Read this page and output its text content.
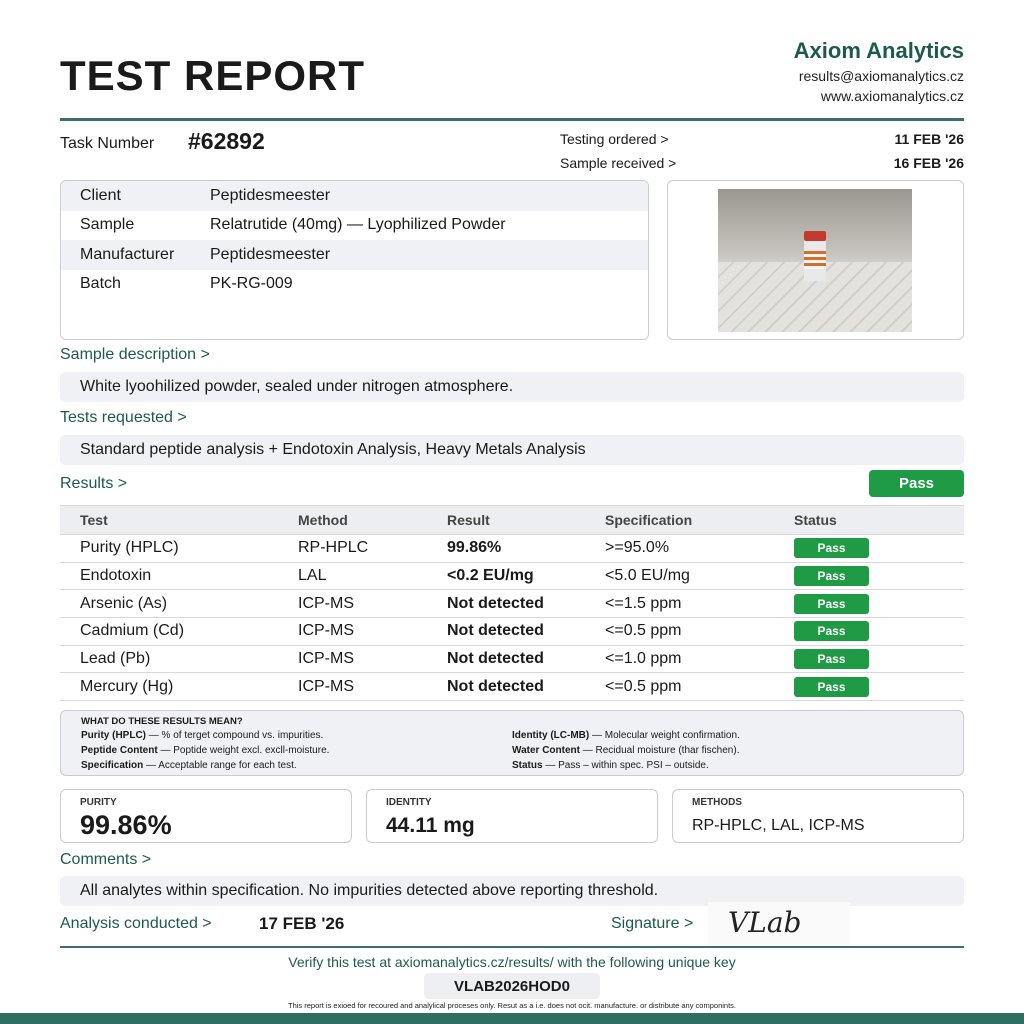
TEST REPORT
Axiom Analytics
results@axiomanalytics.cz
www.axiomanalytics.cz
Task Number #62892	Testing ordered >	11 FEB '26
Sample received >	16 FEB '26
Client	Peptidesmeester
Sample	Relatrutide (40mg) — Lyophilized Powder
Manufacturer	Peptidesmeester
Batch	PK-RG-009
Sample description >
White lyoohilized powder, sealed under nitrogen atmosphere.
Tests requested >
Standard peptide analysis + Endotoxin Analysis, Heavy Metals Analysis
Results >	Pass
Test	Method	Result	Specification	Status
Purity (HPLC)	RP-HPLC	99.86%	>=95.0%	Pass
Endotoxin	LAL	<0.2 EU/mg	<5.0 EU/mg	Pass
Arsenic (As)	ICP-MS	Not detected	<=1.5 ppm	Pass
Cadmium (Cd)	ICP-MS	Not detected	<=0.5 ppm	Pass
Lead (Pb)	ICP-MS	Not detected	<=1.0 ppm	Pass
Mercury (Hg)	ICP-MS	Not detected	<=0.5 ppm	Pass
WHAT DO THESE RESULTS MEAN?
Purity (HPLC) — % of terget compound vs. impurities.
Peptide Content — Poptide weight excl. excll-moisture.
Specification — Acceptable range for each test.
Identity (LC-MB) — Molecular weight confirmation.
Water Content — Recidual moisture (thar fischen).
Status — Pass – within spec. PSI – outside.
PURITY
99.86%
IDENTITY
44.11 mg
METHODS
RP-HPLC, LAL, ICP-MS
Comments >
All analytes within specification. No impurities detected above reporting threshold.
Analysis conducted >	17 FEB '26	Signature > VLab
Verify this test at axiomanalytics.cz/results/ with the following unique key
VLAB2026HOD0
This report is exioed for recoured and analylical proceses only. Resut as a i.e. does not ocit. manufacture. or distribute any componints.
